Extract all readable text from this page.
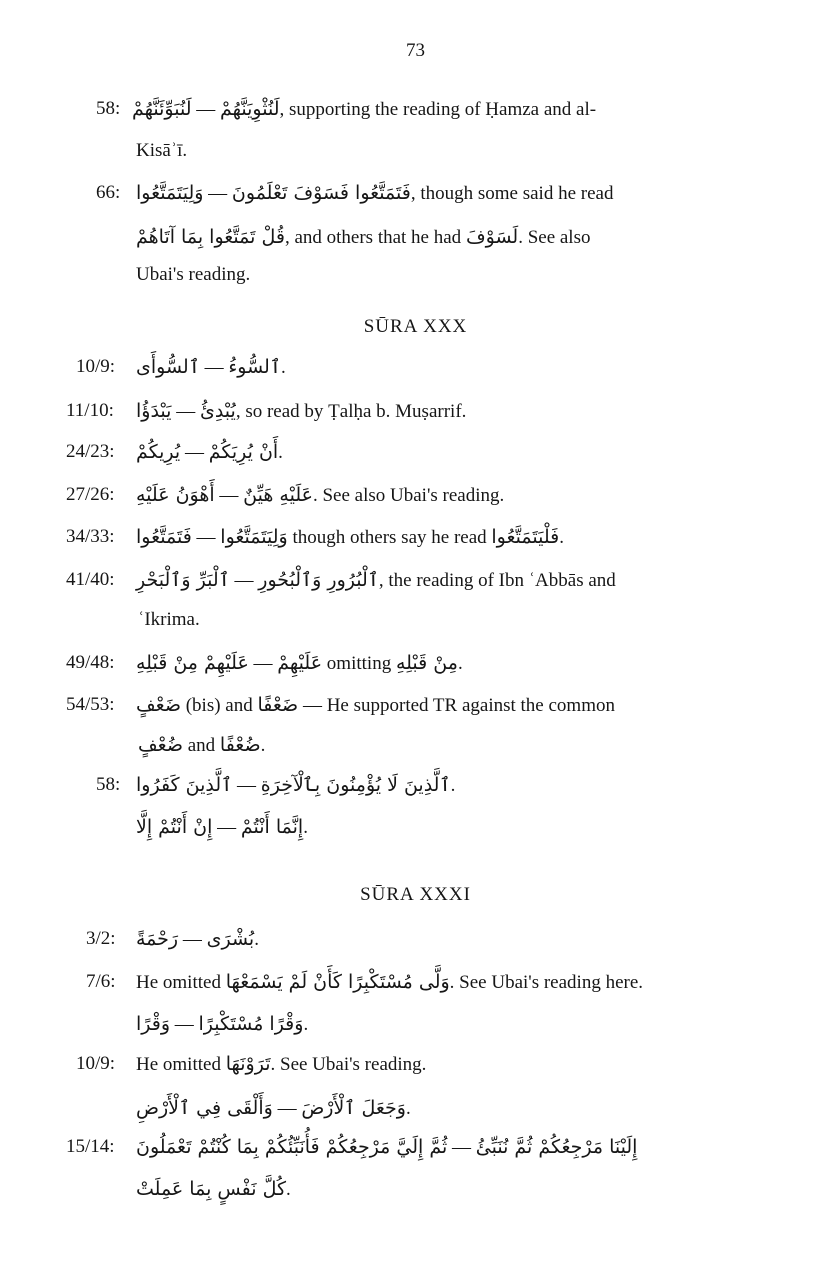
73
58: لَنُبَوِّئَنَّهُمْ — لَنُثْوِيَنَّهُمْ, supporting the reading of Ḥamza and al-
Kisāʾī.
66: وَلِيَتَمَتَّعُوا — فَتَمَتَّعُوا فَسَوْفَ تَعْلَمُونَ, though some said he read
قُلْ تَمَتَّعُوا بِمَا آتَاهُمْ, and others that he had لَسَوْفَ. See also
Ubai's reading.
SŪRA XXX
10/9: ٱلسُّوأَى — ٱلسُّوءُ.
11/10: يَبْدَؤُا — يُبْدِئُ, so read by Ṭalḥa b. Muṣarrif.
24/23: يُرِيكُمْ — أَنْ يُرِيَكُمْ.
27/26: أَهْوَنُ عَلَيْهِ — عَلَيْهِ هَيِّنٌ. See also Ubai's reading.
34/33: فَتَمَتَّعُوا — وَلِيَتَمَتَّعُوا though others say he read فَلْيَتَمَتَّعُوا.
41/40: ٱلْبَرِّ وَٱلْبَحْرِ — ٱلْبُرُورِ وَٱلْبُحُورِ, the reading of Ibn ʿAbbās and
ʿIkrima.
49/48: عَلَيْهِمْ مِنْ قَبْلِهِ — عَلَيْهِمْ omitting مِنْ قَبْلِهِ.
54/53: ضَعْفٍ (bis) and ضَعْفًا — He supported TR against the common
ضُعْفٍ and ضُعْفًا.
58: ٱلَّذِينَ كَفَرُوا — ٱلَّذِينَ لَا يُؤْمِنُونَ بِٱلْآخِرَةِ.
إِنْ أَنْتُمْ إِلَّا — إِنَّمَا أَنْتُمْ.
SŪRA XXXI
3/2: رَحْمَةً — بُشْرَى.
7/6: He omitted وَلَّى مُسْتَكْبِرًا كَأَنْ لَمْ يَسْمَعْهَا. See Ubai's reading here.
وَقْرًا — وَقْرًا مُسْتَكْبِرًا.
10/9: He omitted تَرَوْنَهَا. See Ubai's reading.
وَأَلْقَى فِي ٱلْأَرْضِ — وَجَعَلَ ٱلْأَرْضَ.
15/14: ثُمَّ إِلَيَّ مَرْجِعُكُمْ فَأُنَبِّئُكُمْ بِمَا كُنْتُمْ تَعْمَلُونَ — إِلَيْنَا مَرْجِعُكُمْ ثُمَّ نُنَبِّئُ
كُلَّ نَفْسٍ بِمَا عَمِلَتْ.
